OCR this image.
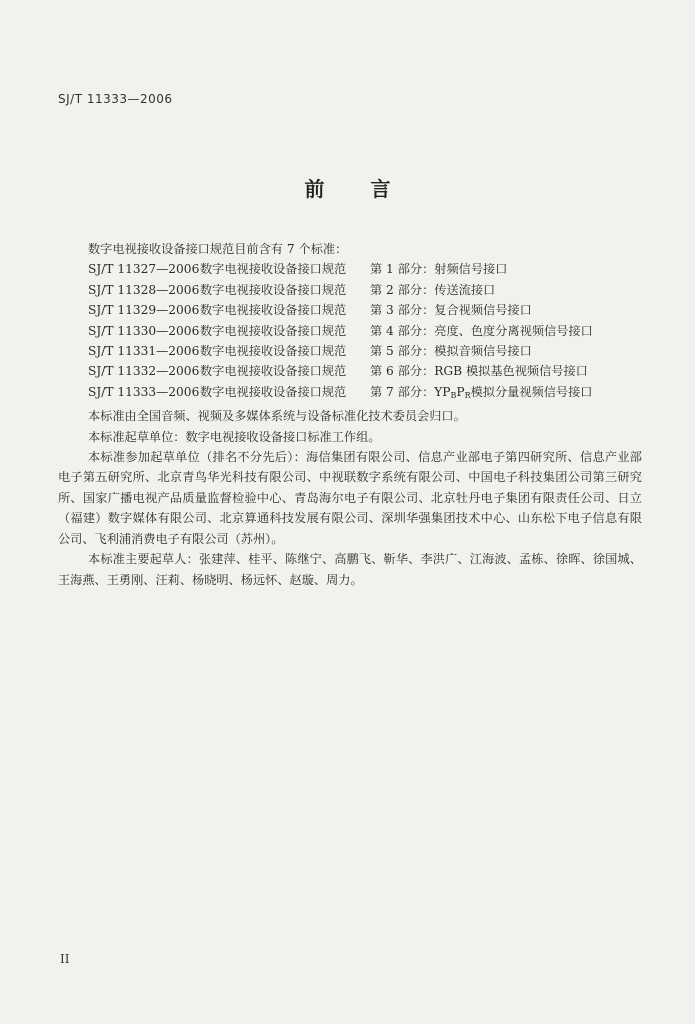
SJ/T 11333—2006
前言

数字电视接收设备接口规范目前含有 7 个标准：

SJ/T 11327—2006 数字电视接收设备接口规范	第 1 部分：射频信号接口

SJ/T 11328—2006 数字电视接收设备接口规范	第 2 部分：传送流接口

SJ/T 11329—2006 数字电视接收设备接口规范	第 3 部分：复合视频信号接口

SJ/T 11330—2006 数字电视接收设备接口规范	第 4 部分：亮度、色度分离视频信号接口

SJ/T 11331—2006 数字电视接收设备接口规范	第 5 部分：模拟音频信号接口

SJ/T 11332—2006 数字电视接收设备接口规范	第 6 部分：RGB 模拟基色视频信号接口

SJ/T 11333—2006 数字电视接收设备接口规范	第 7 部分：$YP_BP_R$模拟分量视频信号接口

本标准由全国音频、视频及多媒体系统与设备标准化技术委员会归口。

本标准起草单位：数字电视接收设备接口标准工作组。

本标准参加起草单位（排名不分先后）：海信集团有限公司、信息产业部电子第四研究所、信息产业部电子第五研究所、北京青鸟华光科技有限公司、中视联数字系统有限公司、中国电子科技集团公司第三研究所、国家广播电视产品质量监督检验中心、青岛海尔电子有限公司、北京牡丹电子集团有限责任公司、日立（福建）数字媒体有限公司、北京算通科技发展有限公司、深圳华强集团技术中心、山东松下电子信息有限公司、飞利浦消费电子有限公司（苏州）。

本标准主要起草人：张建萍、桂平、陈继宁、高鹏飞、靳华、李洪广、江海波、孟栋、徐晖、徐国城、王海燕、王勇刚、汪莉、杨晓明、杨远怀、赵璇、周力。

II
